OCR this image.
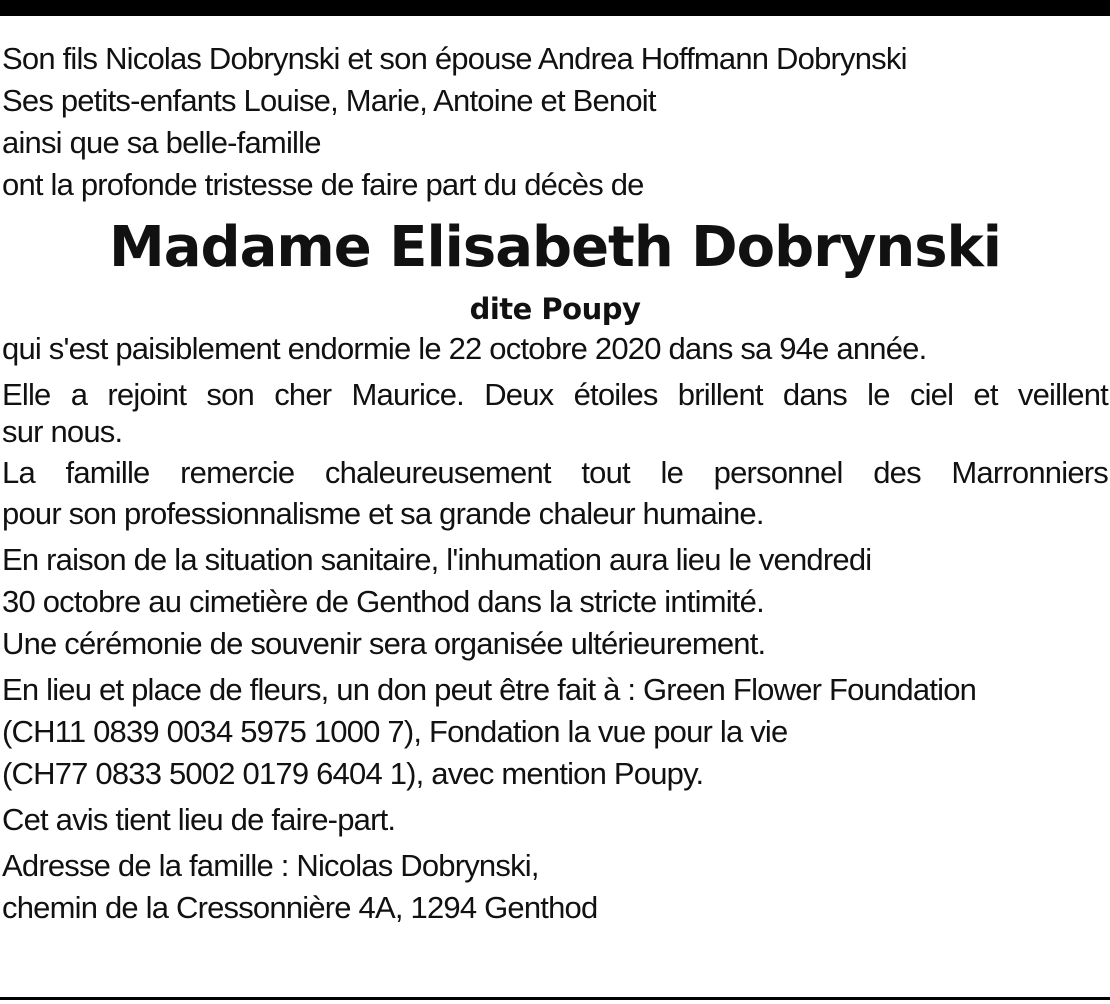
Son fils Nicolas Dobrynski et son épouse Andrea Hoffmann Dobrynski

Ses petits-enfants Louise, Marie, Antoine et Benoit

ainsi que sa belle-famille

ont la profonde tristesse de faire part du décès de

Madame Elisabeth Dobrynski

dite Poupy

qui s'est paisiblement endormie le 22 octobre 2020 dans sa 94e année.
Elle a rejoint son cher Maurice. Deux étoiles brillent dans le ciel et veillent
sur nous.
La famille remercie chaleureusement tout le personnel des Marronniers
pour son professionnalisme et sa grande chaleur humaine.
En raison de la situation sanitaire, l'inhumation aura lieu le vendredi
30 octobre au cimetière de Genthod dans la stricte intimité.
Une cérémonie de souvenir sera organisée ultérieurement.
En lieu et place de fleurs, un don peut être fait à : Green Flower Foundation
(CH11 0839 0034 5975 1000 7), Fondation la vue pour la vie
(CH77 0833 5002 0179 6404 1), avec mention Poupy.
Cet avis tient lieu de faire-part.
Adresse de la famille : Nicolas Dobrynski,
chemin de la Cressonnière 4A, 1294 Genthod
